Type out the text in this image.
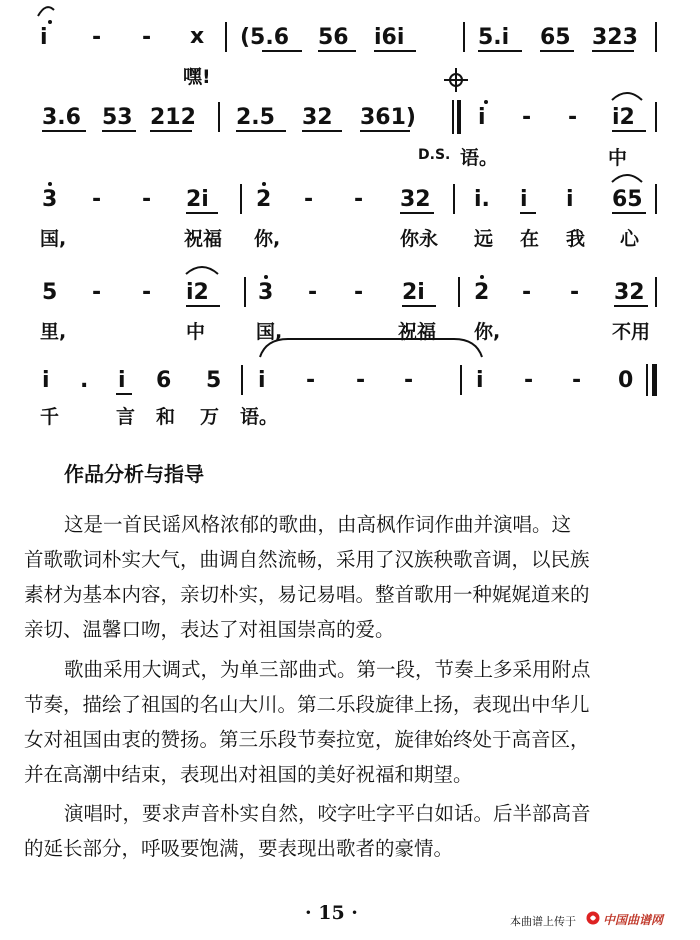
i - - x (5.6 56 i6i	5.i 65 323
嘿!
3.6 53 212 2.5 32 361)	i - - i2
D.S. 语。	中
3 - - 2i 2 - - 32 i. i i 65
国,	祝福 你,	你永 远 在 我 心
5 - - i2 3 - - 2i 2 - - 32
里,	中	国,	祝福 你,	不用
i . i 6 5 i - - -	i - - 0
千	言 和 万 语。
作品分析与指导
这是一首民谣风格浓郁的歌曲，由高枫作词作曲并演唱。这
首歌歌词朴实大气，曲调自然流畅，采用了汉族秧歌音调，以民族
素材为基本内容，亲切朴实，易记易唱。整首歌用一种娓娓道来的
亲切、温馨口吻，表达了对祖国崇高的爱。
歌曲采用大调式，为单三部曲式。第一段，节奏上多采用附点
节奏，描绘了祖国的名山大川。第二乐段旋律上扬，表现出中华儿
女对祖国由衷的赞扬。第三乐段节奏拉宽，旋律始终处于高音区，
并在高潮中结束，表现出对祖国的美好祝福和期望。
演唱时，要求声音朴实自然，咬字吐字平白如话。后半部高音
的延长部分，呼吸要饱满，要表现出歌者的豪情。
· 15 ·	本曲谱上传于 中国曲谱网
